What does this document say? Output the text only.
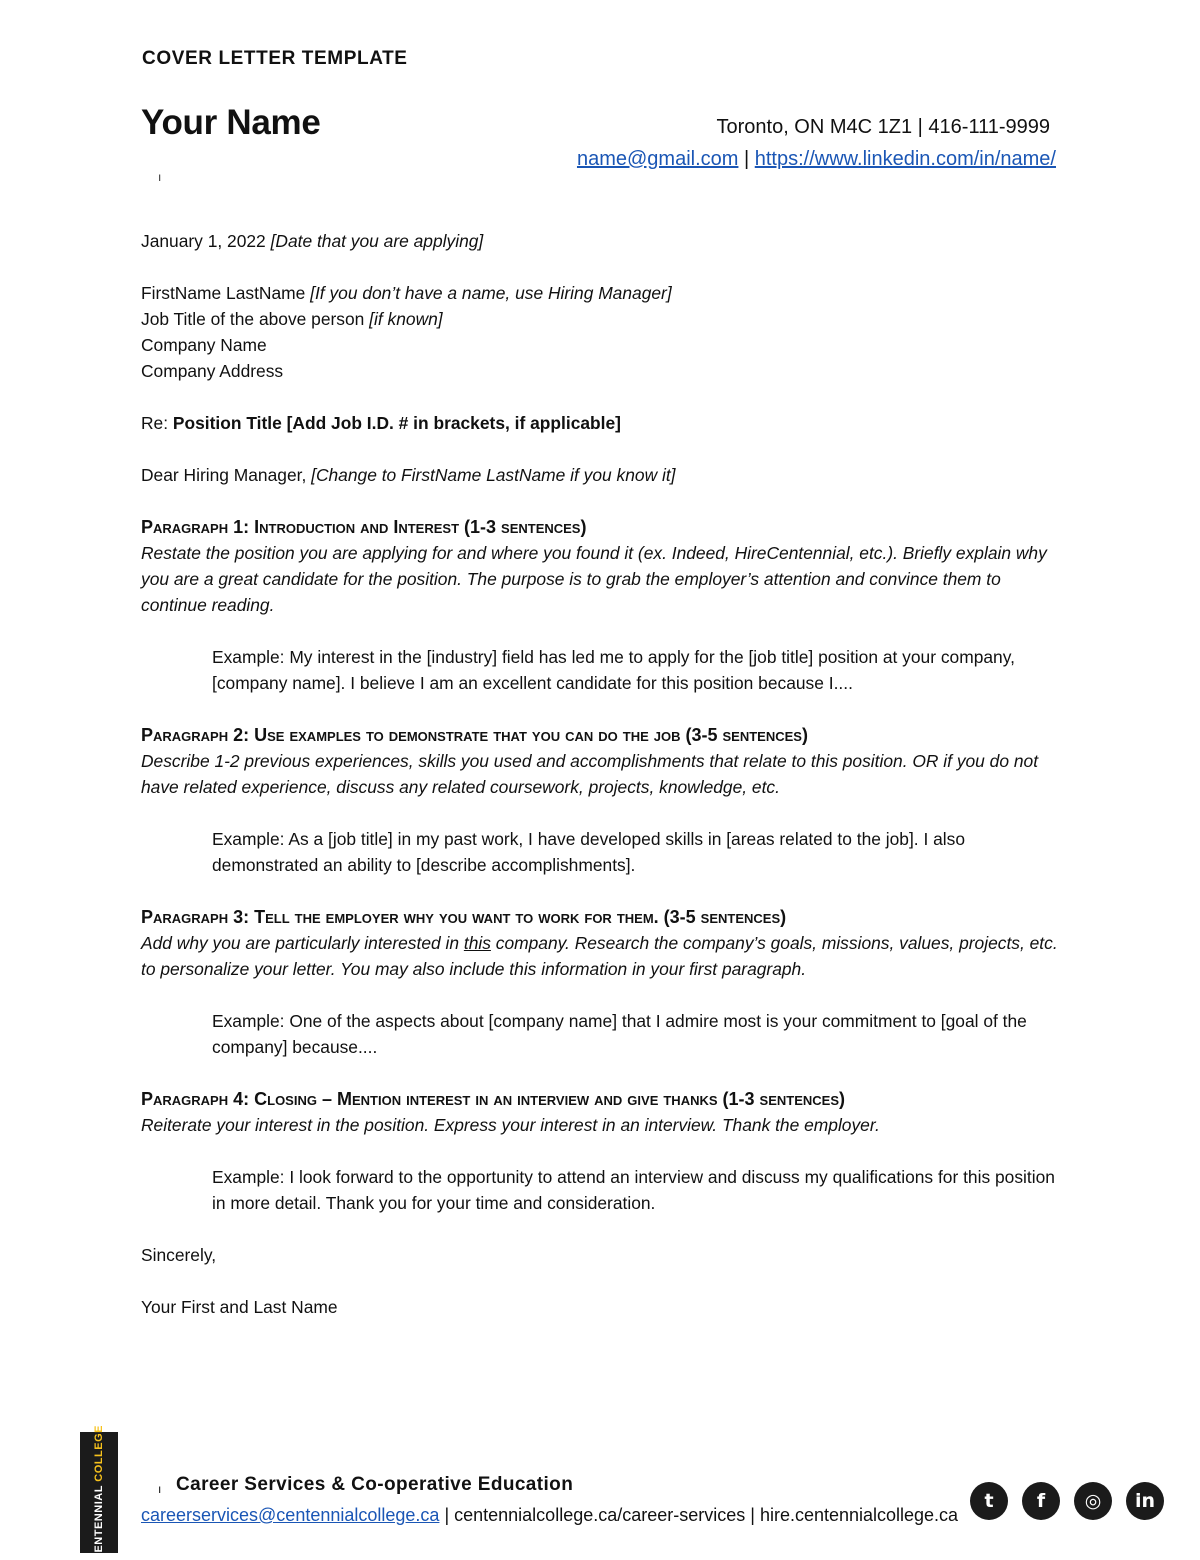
COVER LETTER TEMPLATE
Your Name	Toronto, ON M4C 1Z1 | 416-111-9999
name@gmail.com | https://www.linkedin.com/in/name/
ı

January 1, 2022 [Date that you are applying]

FirstName LastName [If you don’t have a name, use Hiring Manager]

Job Title of the above person [if known]

Company Name

Company Address

Re: Position Title [Add Job I.D. # in brackets, if applicable]

Dear Hiring Manager, [Change to FirstName LastName if you know it]

Paragraph 1: Introduction and Interest (1-3 sentences)

Restate the position you are applying for and where you found it (ex. Indeed, HireCentennial, etc.). Briefly explain why you are a great candidate for the position. The purpose is to grab the employer’s attention and convince them to continue reading.

Example: My interest in the [industry] field has led me to apply for the [job title] position at your company, [company name]. I believe I am an excellent candidate for this position because I....

Paragraph 2: Use examples to demonstrate that you can do the job (3-5 sentences)

Describe 1-2 previous experiences, skills you used and accomplishments that relate to this position. OR if you do not have related experience, discuss any related coursework, projects, knowledge, etc.

Example: As a [job title] in my past work, I have developed skills in [areas related to the job]. I also demonstrated an ability to [describe accomplishments].

Paragraph 3: Tell the employer why you want to work for them. (3-5 sentences)

Add why you are particularly interested in this company. Research the company’s goals, missions, values, projects, etc. to personalize your letter. You may also include this information in your first paragraph.

Example: One of the aspects about [company name] that I admire most is your commitment to [goal of the company] because....

Paragraph 4: Closing – Mention interest in an interview and give thanks (1-3 sentences)

Reiterate your interest in the position. Express your interest in an interview. Thank the employer.

Example: I look forward to the opportunity to attend an interview and discuss my qualifications for this position in more detail. Thank you for your time and consideration.

Sincerely,

Your First and Last Name

CENTENNIAL COLLEGE
ı Career Services & Co-operative Education
careerservices@centennialcollege.ca | centennialcollege.ca/career-services | hire.centennialcollege.ca
t	f	◎	in
